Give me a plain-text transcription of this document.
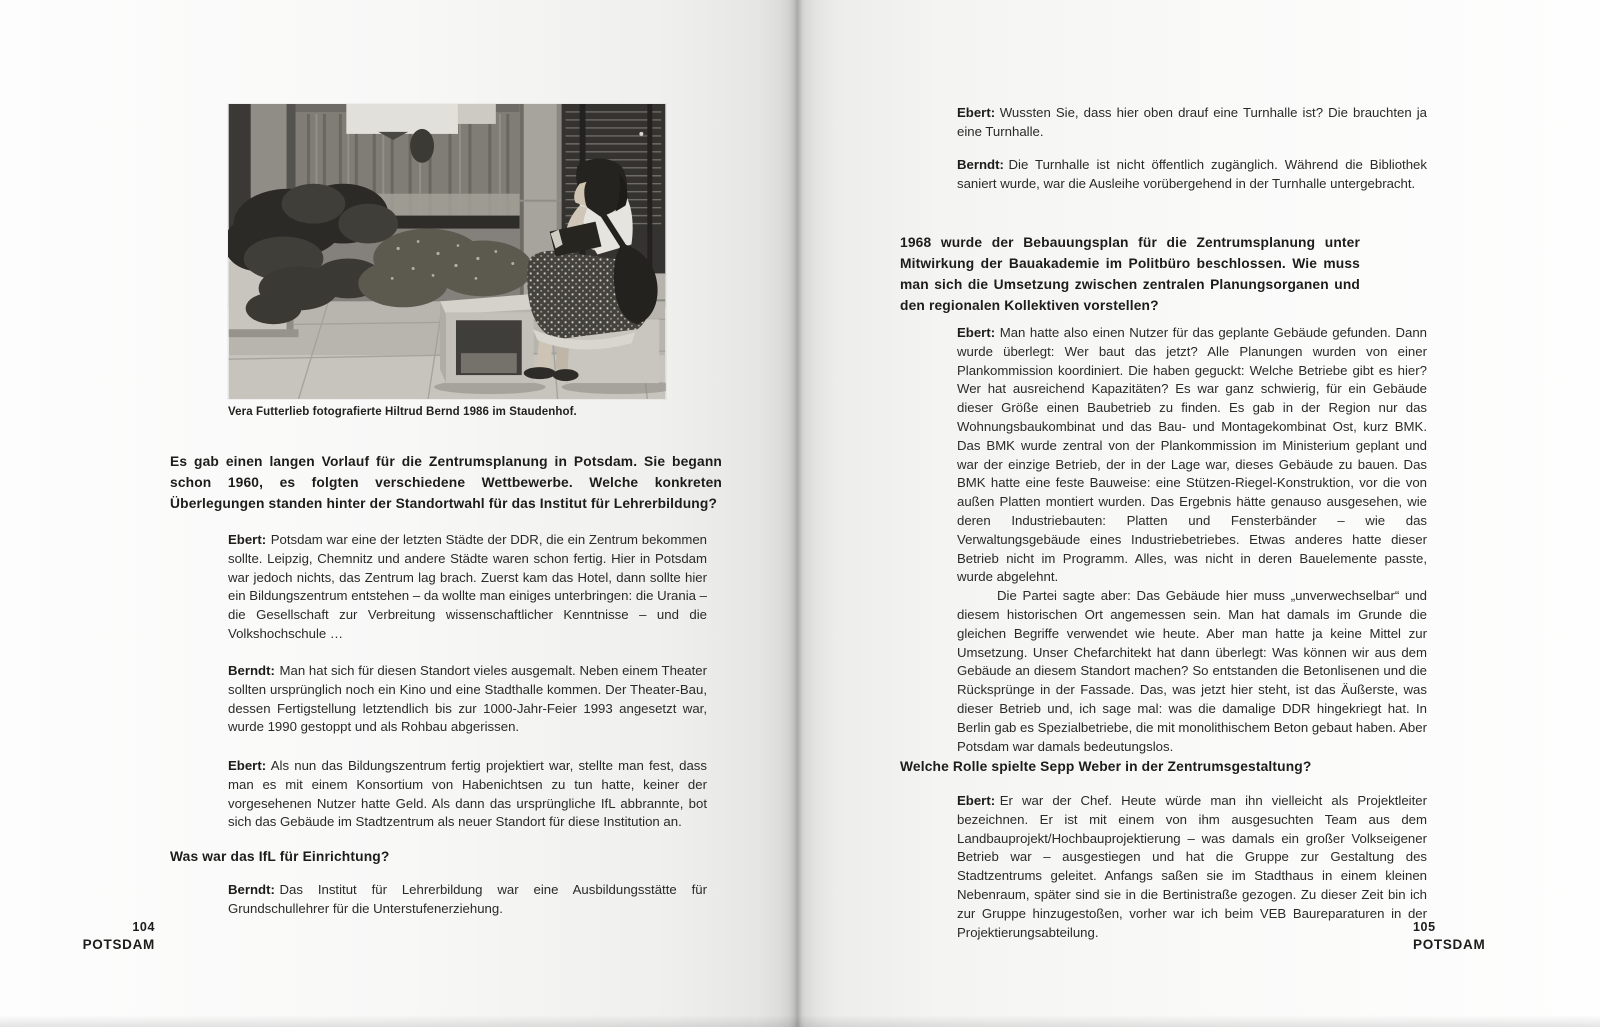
Vera Futterlieb fotografierte Hiltrud Bernd 1986 im Staudenhof.
Es gab einen langen Vorlauf für die Zentrumsplanung in Potsdam. Sie begann schon 1960, es folgten verschiedene Wettbewerbe. Welche konkreten Überlegungen standen hinter der Standortwahl für das Institut für Lehrerbildung?

Ebert: Potsdam war eine der letzten Städte der DDR, die ein Zentrum bekommen sollte. Leipzig, Chemnitz und andere Städte waren schon fertig. Hier in Potsdam war jedoch nichts, das Zentrum lag brach. Zuerst kam das Hotel, dann sollte hier ein Bildungszentrum entstehen – da wollte man einiges unterbringen: die Urania – die Gesellschaft zur Verbreitung wissenschaftlicher Kenntnisse – und die Volkshochschule …

Berndt: Man hat sich für diesen Standort vieles ausgemalt. Neben einem Theater sollten ursprünglich noch ein Kino und eine Stadthalle kommen. Der Theater-Bau, dessen Fertigstellung letztendlich bis zur 1000-Jahr-Feier 1993 angesetzt war, wurde 1990 gestoppt und als Rohbau abgerissen.

Ebert: Als nun das Bildungszentrum fertig projektiert war, stellte man fest, dass man es mit einem Konsortium von Habenichtsen zu tun hatte, keiner der vorgesehenen Nutzer hatte Geld. Als dann das ursprüngliche IfL abbrannte, bot sich das Gebäude im Stadtzentrum als neuer Standort für diese Institution an.

Was war das IfL für Einrichtung?

Berndt: Das Institut für Lehrerbildung war eine Ausbildungsstätte für Grundschullehrer für die Unterstufenerziehung.

104
POTSDAM

Ebert: Wussten Sie, dass hier oben drauf eine Turnhalle ist? Die brauchten ja eine Turnhalle.

Berndt: Die Turnhalle ist nicht öffentlich zugänglich. Während die Bibliothek saniert wurde, war die Ausleihe vorübergehend in der Turnhalle untergebracht.

1968 wurde der Bebauungsplan für die Zentrumsplanung unter Mitwirkung der Bauakademie im Politbüro beschlossen. Wie muss man sich die Umsetzung zwischen zentralen Planungsorganen und den regionalen Kollektiven vorstellen?

Ebert: Man hatte also einen Nutzer für das geplante Gebäude gefunden. Dann wurde überlegt: Wer baut das jetzt? Alle Planungen wurden von einer Plankommission koordiniert. Die haben geguckt: Welche Betriebe gibt es hier? Wer hat ausreichend Kapazitäten? Es war ganz schwierig, für ein Gebäude dieser Größe einen Baubetrieb zu finden. Es gab in der Region nur das Wohnungsbaukombinat und das Bau- und Montagekombinat Ost, kurz BMK. Das BMK wurde zentral von der Plankommission im Ministerium geplant und war der einzige Betrieb, der in der Lage war, dieses Gebäude zu bauen. Das BMK hatte eine feste Bauweise: eine Stützen-Riegel-Konstruktion, vor die von außen Platten montiert wurden. Das Ergebnis hätte genauso ausgesehen, wie deren Industriebauten: Platten und Fensterbänder – wie das Verwaltungsgebäude eines Industriebetriebes. Etwas anderes hatte dieser Betrieb nicht im Programm. Alles, was nicht in deren Bauelemente passte, wurde abgelehnt.

Die Partei sagte aber: Das Gebäude hier muss „unverwechselbar“ und diesem historischen Ort angemessen sein. Man hat damals im Grunde die gleichen Begriffe verwendet wie heute. Aber man hatte ja keine Mittel zur Umsetzung. Unser Chefarchitekt hat dann überlegt: Was können wir aus dem Gebäude an diesem Standort machen? So entstanden die Betonlisenen und die Rücksprünge in der Fassade. Das, was jetzt hier steht, ist das Äußerste, was dieser Betrieb und, ich sage mal: was die damalige DDR hingekriegt hat. In Berlin gab es Spezialbetriebe, die mit monolithischem Beton gebaut haben. Aber Potsdam war damals bedeutungslos.

Welche Rolle spielte Sepp Weber in der Zentrumsgestaltung?

Ebert: Er war der Chef. Heute würde man ihn vielleicht als Projektleiter bezeichnen. Er ist mit einem von ihm ausgesuchten Team aus dem Landbauprojekt/Hochbauprojektierung – was damals ein großer Volkseigener Betrieb war – ausgestiegen und hat die Gruppe zur Gestaltung des Stadtzentrums geleitet. Anfangs saßen sie im Stadthaus in einem kleinen Nebenraum, später sind sie in die Bertinistraße gezogen. Zu dieser Zeit bin ich zur Gruppe hinzugestoßen, vorher war ich beim VEB Baureparaturen in der Projektierungsabteilung.	105
POTSDAM
